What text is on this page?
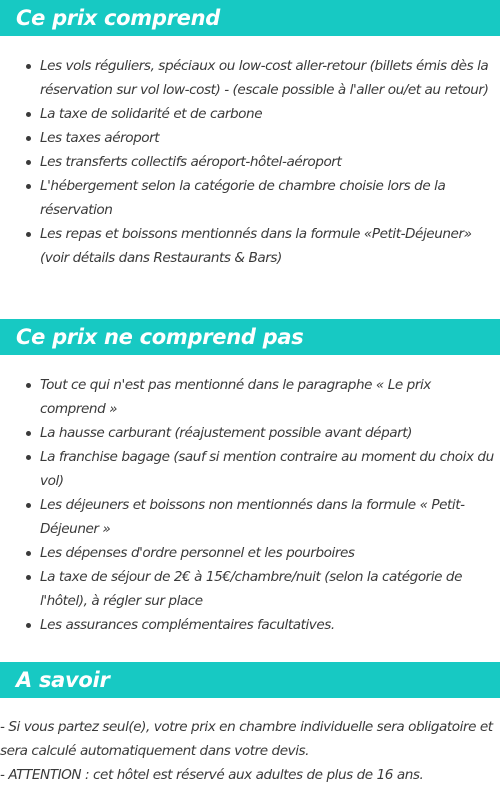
Ce prix comprend
Les vols réguliers, spéciaux ou low-cost aller-retour (billets émis dès la réservation sur vol low-cost) - (escale possible à l'aller ou/et au retour)
La taxe de solidarité et de carbone
Les taxes aéroport
Les transferts collectifs aéroport-hôtel-aéroport
L'hébergement selon la catégorie de chambre choisie lors de la réservation
Les repas et boissons mentionnés dans la formule «Petit-Déjeuner» (voir détails dans Restaurants & Bars)
Ce prix ne comprend pas
Tout ce qui n'est pas mentionné dans le paragraphe « Le prix comprend »
La hausse carburant (réajustement possible avant départ)
La franchise bagage (sauf si mention contraire au moment du choix du vol)
Les déjeuners et boissons non mentionnés dans la formule « Petit-Déjeuner »
Les dépenses d'ordre personnel et les pourboires
La taxe de séjour de 2€ à 15€/chambre/nuit (selon la catégorie de l'hôtel), à régler sur place
Les assurances complémentaires facultatives.
A savoir

- Si vous partez seul(e), votre prix en chambre individuelle sera obligatoire et sera calculé automatiquement dans votre devis.

- ATTENTION : cet hôtel est réservé aux adultes de plus de 16 ans.
